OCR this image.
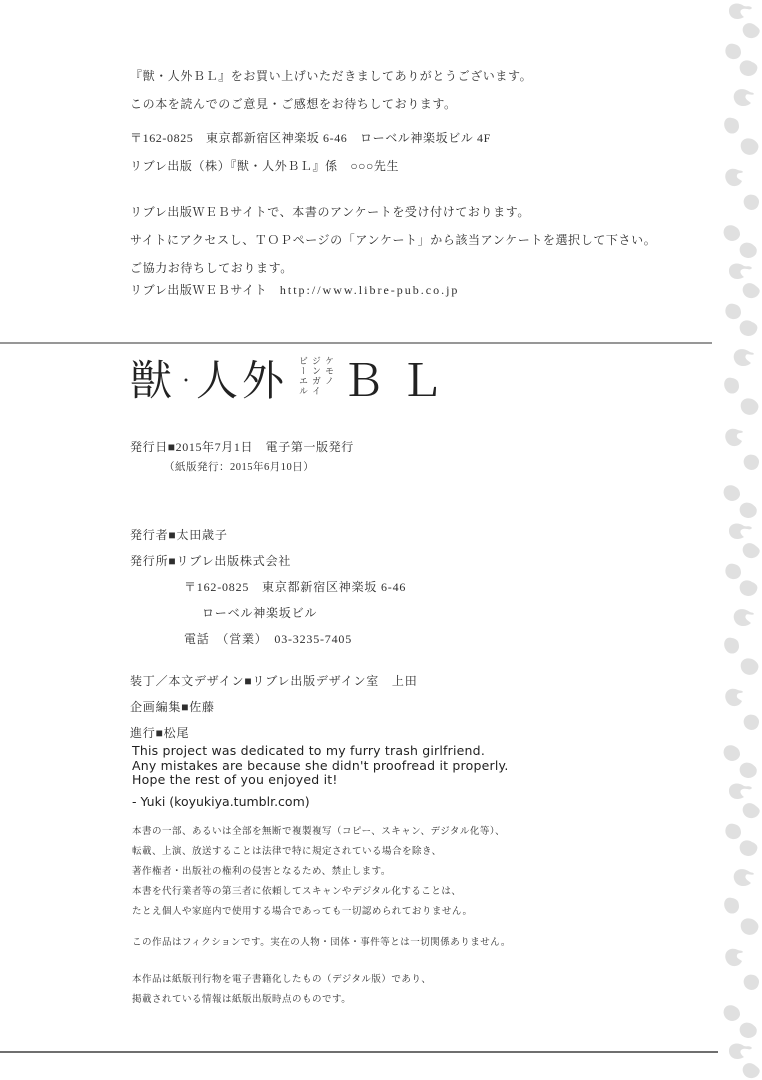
『獣・人外ＢＬ』をお買い上げいただきましてありがとうございます。

この本を読んでのご意見・ご感想をお待ちしております。

〒162-0825　東京都新宿区神楽坂 6-46　ローベル神楽坂ビル 4F

リブレ出版（株）『獣・人外ＢＬ』係　○○○先生

リブレ出版ＷＥＢサイトで、本書のアンケートを受け付けております。

サイトにアクセスし、ＴＯＰページの「アンケート」から該当アンケートを選択して下さい。

ご協力お待ちしております。

リブレ出版ＷＥＢサイト　http://www.libre-pub.co.jp

獣 ・ 人外	ケモノ
ジンガイ
ビーエル ＢＬ

発行日■2015年7月1日　電子第一版発行

（紙版発行：2015年6月10日）

発行者■太田歳子

発行所■リブレ出版株式会社

〒162-0825　東京都新宿区神楽坂 6-46

ローベル神楽坂ビル

電話　（営業）　03-3235-7405

装丁／本文デザイン■リブレ出版デザイン室　上田

企画編集■佐藤

進行■松尾

This project was dedicated to my furry trash girlfriend.

Any mistakes are because she didn't proofread it properly.

Hope the rest of you enjoyed it!

- Yuki (koyukiya.tumblr.com)

本書の一部、あるいは全部を無断で複製複写（コピー、スキャン、デジタル化等）、

転載、上演、放送することは法律で特に規定されている場合を除き、

著作権者・出版社の権利の侵害となるため、禁止します。

本書を代行業者等の第三者に依頼してスキャンやデジタル化することは、

たとえ個人や家庭内で使用する場合であっても一切認められておりません。

この作品はフィクションです。実在の人物・団体・事件等とは一切関係ありません。

本作品は紙版刊行物を電子書籍化したもの（デジタル版）であり、

掲載されている情報は紙版出版時点のものです。
